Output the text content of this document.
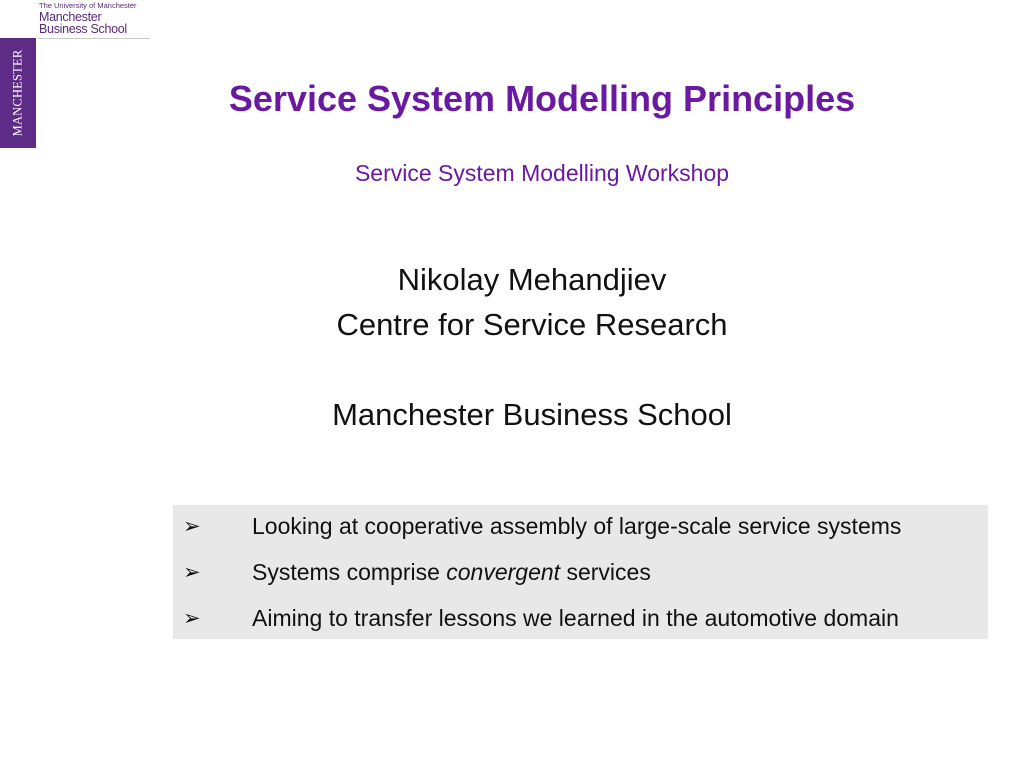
The University of Manchester
Manchester
Business School
MANCHESTER	Service System Modelling Principles
Service System Modelling Workshop
Nikolay Mehandjiev
Centre for Service Research
Manchester Business School
➢ Looking at cooperative assembly of large-scale service systems
➢ Systems comprise convergent services
➢ Aiming to transfer lessons we learned in the automotive domain
